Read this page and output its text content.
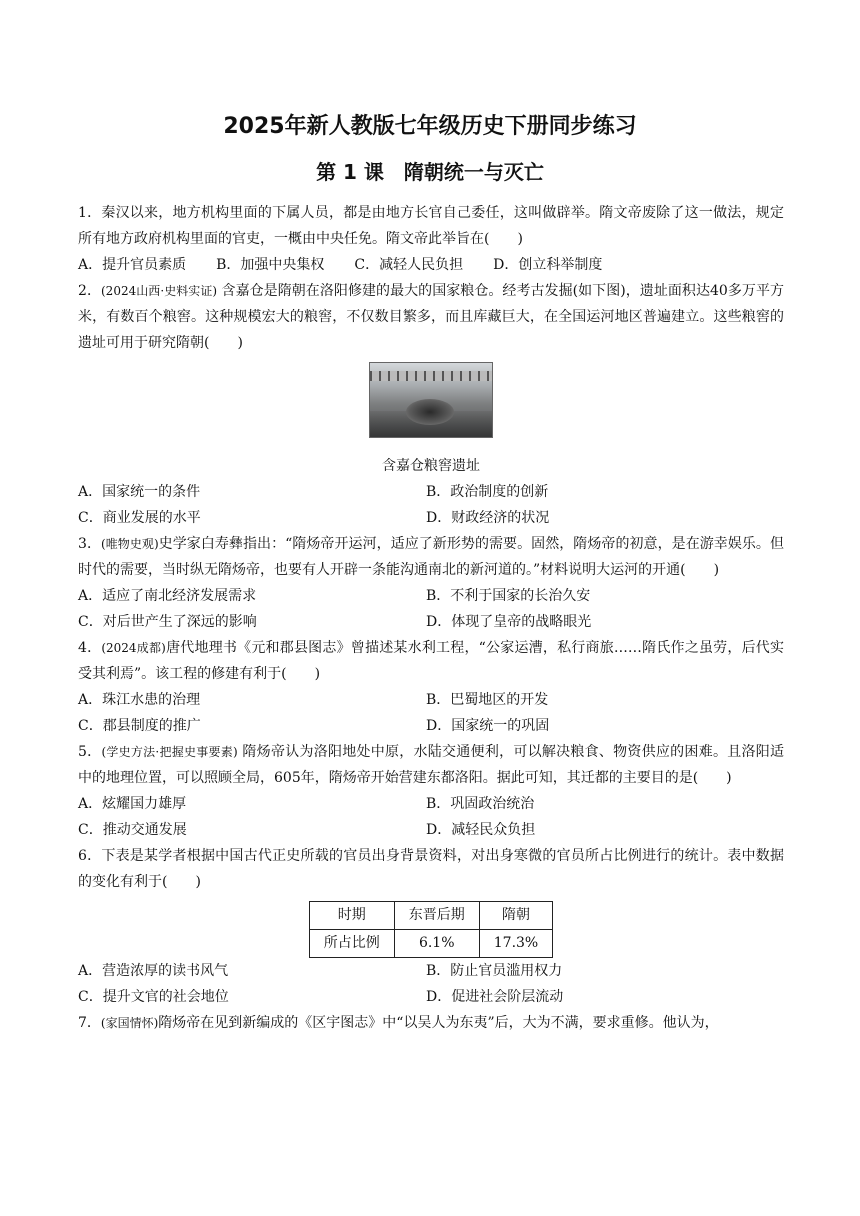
2025年新人教版七年级历史下册同步练习
第 1 课　隋朝统一与灭亡
1．秦汉以来，地方机构里面的下属人员，都是由地方长官自己委任，这叫做辟举。隋文帝废除了这一做法，规定所有地方政府机构里面的官吏，一概由中央任免。隋文帝此举旨在(　　)
A．提升官员素质 B．加强中央集权 C．减轻人民负担 D．创立科举制度
2．(2024山西·史料实证) 含嘉仓是隋朝在洛阳修建的最大的国家粮仓。经考古发掘(如下图)，遗址面积达40多万平方米，有数百个粮窖。这种规模宏大的粮窖，不仅数目繁多，而且库藏巨大，在全国运河地区普遍建立。这些粮窖的遗址可用于研究隋朝(　　)
含嘉仓粮窖遗址
A．国家统一的条件	B．政治制度的创新
C．商业发展的水平	D．财政经济的状况
3．(唯物史观)史学家白寿彝指出：“隋炀帝开运河，适应了新形势的需要。固然，隋炀帝的初意，是在游幸娱乐。但时代的需要，当时纵无隋炀帝，也要有人开辟一条能沟通南北的新河道的。”材料说明大运河的开通(　　)
A．适应了南北经济发展需求	B．不利于国家的长治久安
C．对后世产生了深远的影响	D．体现了皇帝的战略眼光
4．(2024成都)唐代地理书《元和郡县图志》曾描述某水利工程，“公家运漕，私行商旅……隋氏作之虽劳，后代实受其利焉”。该工程的修建有利于(　　)
A．珠江水患的治理	B．巴蜀地区的开发
C．郡县制度的推广	D．国家统一的巩固
5．(学史方法·把握史事要素) 隋炀帝认为洛阳地处中原，水陆交通便利，可以解决粮食、物资供应的困难。且洛阳适中的地理位置，可以照顾全局，605年，隋炀帝开始营建东都洛阳。据此可知，其迁都的主要目的是(　　)
A．炫耀国力雄厚	B．巩固政治统治
C．推动交通发展	D．减轻民众负担
6．下表是某学者根据中国古代正史所载的官员出身背景资料，对出身寒微的官员所占比例进行的统计。表中数据的变化有利于(　　)
时期	东晋后期	隋朝
所占比例	6.1%	17.3%
A．营造浓厚的读书风气	B．防止官员滥用权力
C．提升文官的社会地位	D．促进社会阶层流动
7．(家国情怀)隋炀帝在见到新编成的《区宇图志》中“以吴人为东夷”后，大为不满，要求重修。他认为，
